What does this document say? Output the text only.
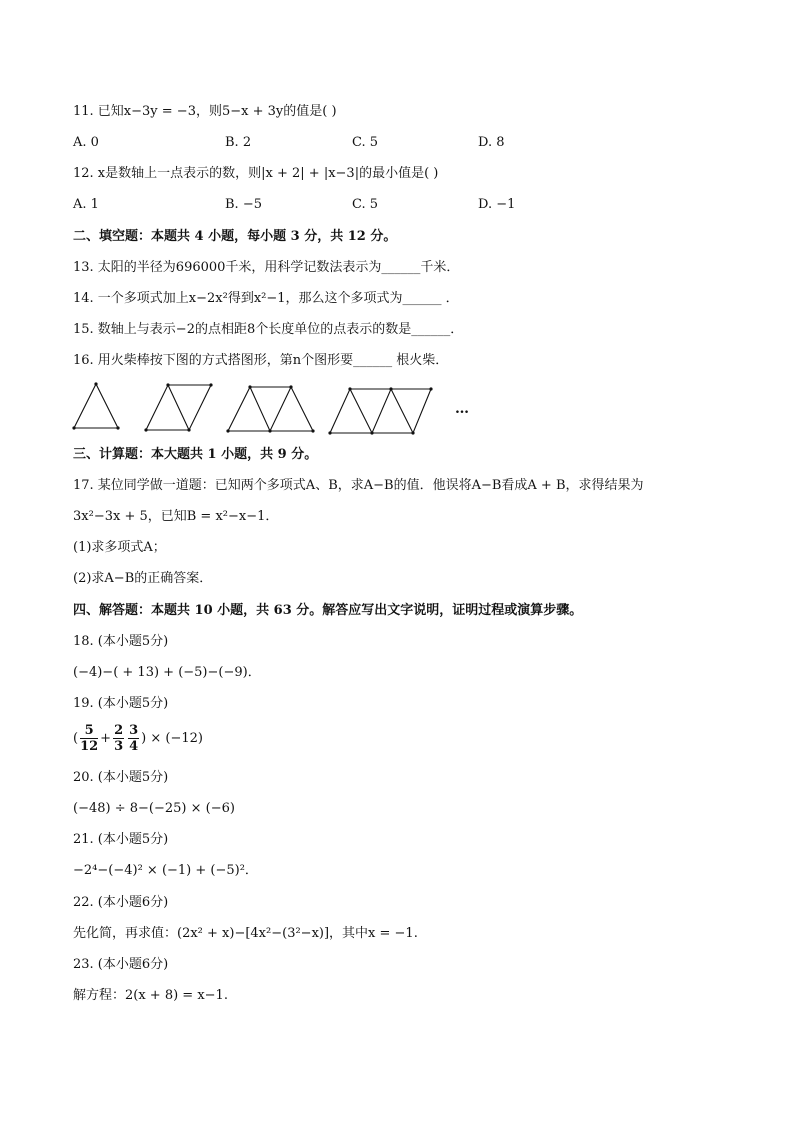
11. 已知x−3y = −3，则5−x + 3y的值是( )
A. 0	B. 2	C. 5	D. 8
12. x是数轴上一点表示的数，则|x + 2| + |x−3|的最小值是( )
A. 1	B. −5	C. 5	D. −1
二、填空题：本题共 4 小题，每小题 3 分，共 12 分。
13. 太阳的半径为696000千米，用科学记数法表示为______千米．
14. 一个多项式加上x−2x²得到x²−1，那么这个多项式为______ ．
15. 数轴上与表示−2的点相距8个长度单位的点表示的数是______．
16. 用火柴棒按下图的方式搭图形，第n个图形要______ 根火柴．
…
三、计算题：本大题共 1 小题，共 9 分。
17. 某位同学做一道题：已知两个多项式A、B，求A−B的值．他误将A−B看成A + B，求得结果为
3x²−3x + 5，已知B = x²−x−1．
(1)求多项式A；
(2)求A−B的正确答案．
四、解答题：本题共 10 小题，共 63 分。解答应写出文字说明，证明过程或演算步骤。
18. (本小题5分)
(−4)−( + 13) + (−5)−(−9)．
19. (本小题5分)
( $\frac{5}{12} + \frac{2}{3} \frac{3}{4}$ ) × (−12)
20. (本小题5分)
(−48) ÷ 8−(−25) × (−6)
21. (本小题5分)
−2⁴−(−4)² × (−1) + (−5)²．
22. (本小题6分)
先化简，再求值：(2x² + x)−[4x²−(3²−x)]，其中x = −1.
23. (本小题6分)
解方程：2(x + 8) = x−1.
